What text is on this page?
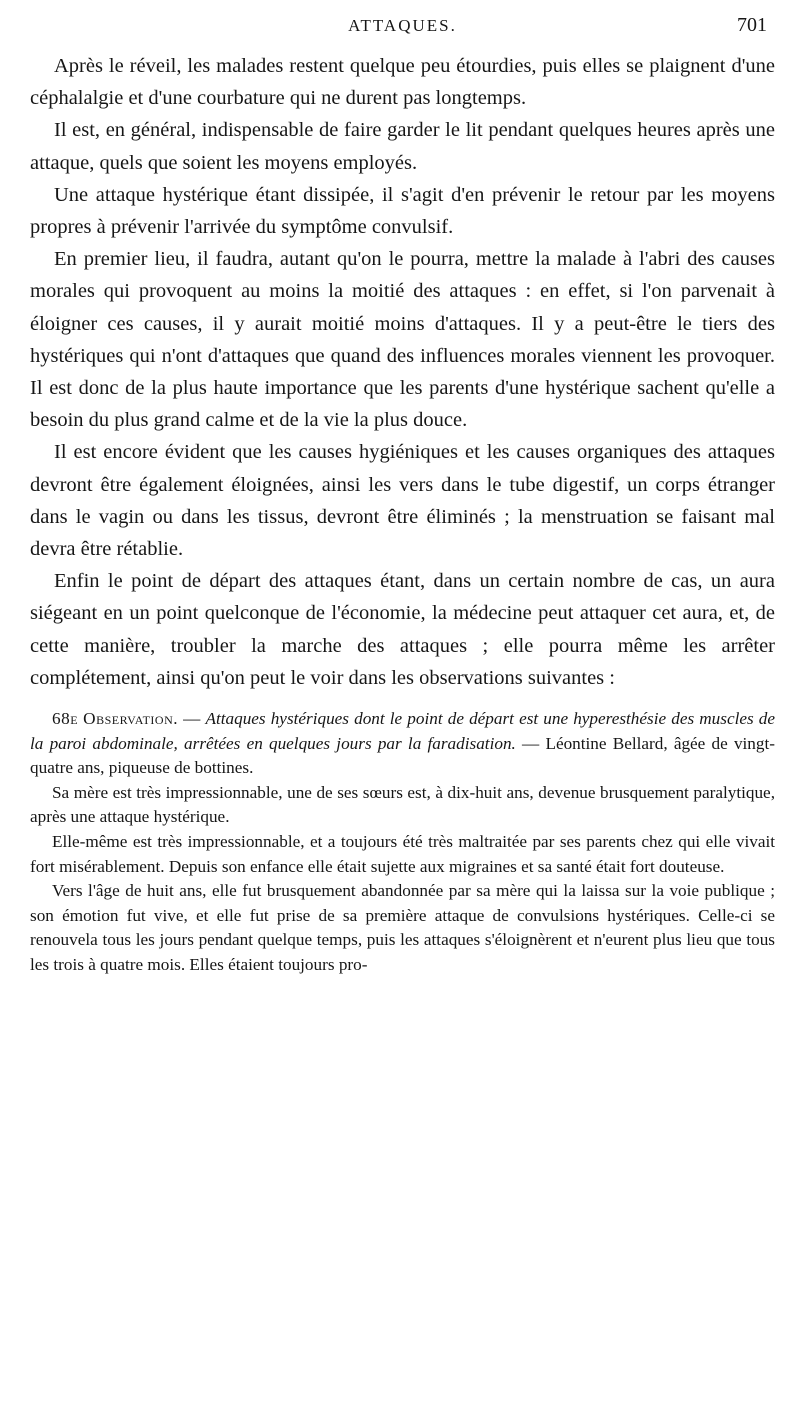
ATTAQUES.	701

Après le réveil, les malades restent quelque peu étourdies, puis elles se plaignent d'une céphalalgie et d'une courbature qui ne durent pas longtemps.

Il est, en général, indispensable de faire garder le lit pendant quelques heures après une attaque, quels que soient les moyens employés.

Une attaque hystérique étant dissipée, il s'agit d'en prévenir le retour par les moyens propres à prévenir l'arrivée du symptôme convulsif.

En premier lieu, il faudra, autant qu'on le pourra, mettre la malade à l'abri des causes morales qui provoquent au moins la moitié des attaques : en effet, si l'on parvenait à éloigner ces causes, il y aurait moitié moins d'attaques. Il y a peut-être le tiers des hystériques qui n'ont d'attaques que quand des influences morales viennent les provoquer. Il est donc de la plus haute importance que les parents d'une hystérique sachent qu'elle a besoin du plus grand calme et de la vie la plus douce.

Il est encore évident que les causes hygiéniques et les causes organiques des attaques devront être également éloignées, ainsi les vers dans le tube digestif, un corps étranger dans le vagin ou dans les tissus, devront être éliminés ; la menstruation se faisant mal devra être rétablie.

Enfin le point de départ des attaques étant, dans un certain nombre de cas, un aura siégeant en un point quelconque de l'économie, la médecine peut attaquer cet aura, et, de cette manière, troubler la marche des attaques ; elle pourra même les arrêter complétement, ainsi qu'on peut le voir dans les observations suivantes :

68e Observation. — Attaques hystériques dont le point de départ est une hyperesthésie des muscles de la paroi abdominale, arrêtées en quelques jours par la faradisation. — Léontine Bellard, âgée de vingt-quatre ans, piqueuse de bottines.

Sa mère est très impressionnable, une de ses sœurs est, à dix-huit ans, devenue brusquement paralytique, après une attaque hystérique.

Elle-même est très impressionnable, et a toujours été très maltraitée par ses parents chez qui elle vivait fort misérablement. Depuis son enfance elle était sujette aux migraines et sa santé était fort douteuse.

Vers l'âge de huit ans, elle fut brusquement abandonnée par sa mère qui la laissa sur la voie publique ; son émotion fut vive, et elle fut prise de sa première attaque de convulsions hystériques. Celle-ci se renouvela tous les jours pendant quelque temps, puis les attaques s'éloignèrent et n'eurent plus lieu que tous les trois à quatre mois. Elles étaient toujours pro-
